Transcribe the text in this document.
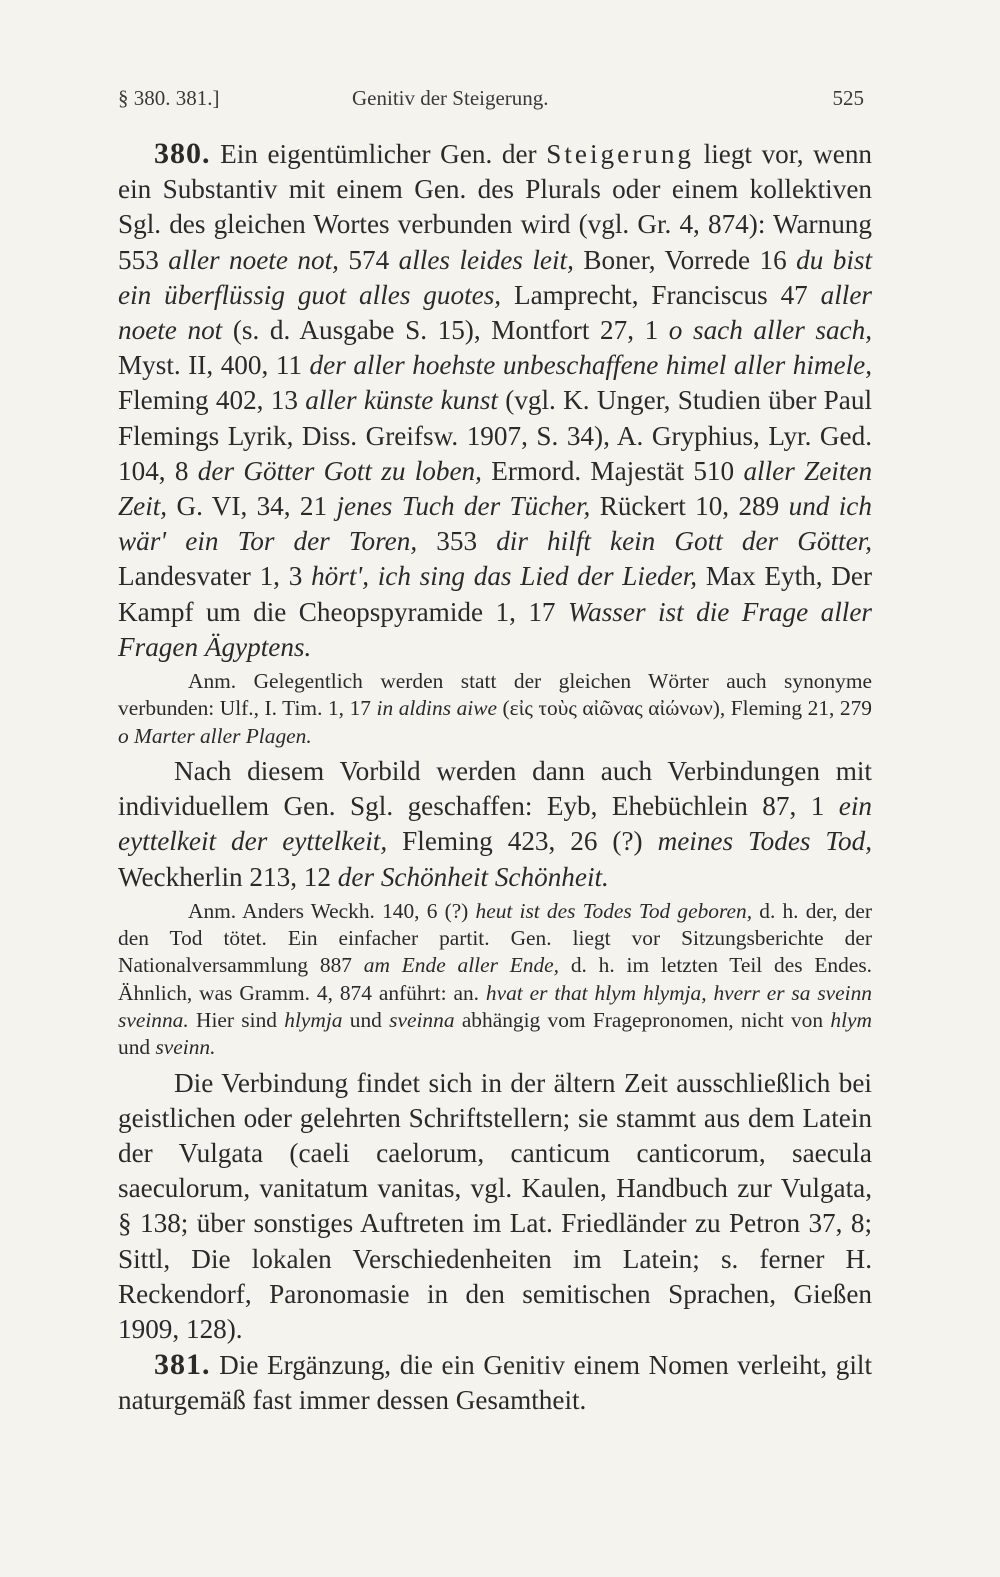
§ 380. 381.]	Genitiv der Steigerung.	525

380. Ein eigentümlicher Gen. der Steigerung liegt vor, wenn ein Substantiv mit einem Gen. des Plurals oder einem kollektiven Sgl. des gleichen Wortes verbunden wird (vgl. Gr. 4, 874): Warnung 553 aller noete not, 574 alles leides leit, Boner, Vorrede 16 du bist ein überflüssig guot alles guotes, Lamprecht, Franciscus 47 aller noete not (s. d. Ausgabe S. 15), Montfort 27, 1 o sach aller sach, Myst. II, 400, 11 der aller hoehste unbeschaffene himel aller himele, Fleming 402, 13 aller künste kunst (vgl. K. Unger, Studien über Paul Flemings Lyrik, Diss. Greifsw. 1907, S. 34), A. Gryphius, Lyr. Ged. 104, 8 der Götter Gott zu loben, Ermord. Majestät 510 aller Zeiten Zeit, G. VI, 34, 21 jenes Tuch der Tücher, Rückert 10, 289 und ich wär' ein Tor der Toren, 353 dir hilft kein Gott der Götter, Landesvater 1, 3 hört', ich sing das Lied der Lieder, Max Eyth, Der Kampf um die Cheopspyramide 1, 17 Wasser ist die Frage aller Fragen Ägyptens.

Anm. Gelegentlich werden statt der gleichen Wörter auch synonyme verbunden: Ulf., I. Tim. 1, 17 in aldins aiwe (εἰς τοὺς αἰῶνας αἰώνων), Fleming 21, 279 o Marter aller Plagen.

Nach diesem Vorbild werden dann auch Verbindungen mit individuellem Gen. Sgl. geschaffen: Eyb, Ehebüchlein 87, 1 ein eyttelkeit der eyttelkeit, Fleming 423, 26 (?) meines Todes Tod, Weckherlin 213, 12 der Schönheit Schönheit.

Anm. Anders Weckh. 140, 6 (?) heut ist des Todes Tod geboren, d. h. der, der den Tod tötet. Ein einfacher partit. Gen. liegt vor Sitzungsberichte der Nationalversammlung 887 am Ende aller Ende, d. h. im letzten Teil des Endes. Ähnlich, was Gramm. 4, 874 anführt: an. hvat er that hlym hlymja, hverr er sa sveinn sveinna. Hier sind hlymja und sveinna abhängig vom Fragepronomen, nicht von hlym und sveinn.

Die Verbindung findet sich in der ältern Zeit ausschließlich bei geistlichen oder gelehrten Schriftstellern; sie stammt aus dem Latein der Vulgata (caeli caelorum, canticum canticorum, saecula saeculorum, vanitatum vanitas, vgl. Kaulen, Handbuch zur Vulgata, § 138; über sonstiges Auftreten im Lat. Friedländer zu Petron 37, 8; Sittl, Die lokalen Verschiedenheiten im Latein; s. ferner H. Reckendorf, Paronomasie in den semitischen Sprachen, Gießen 1909, 128).

381. Die Ergänzung, die ein Genitiv einem Nomen verleiht, gilt naturgemäß fast immer dessen Gesamtheit.
